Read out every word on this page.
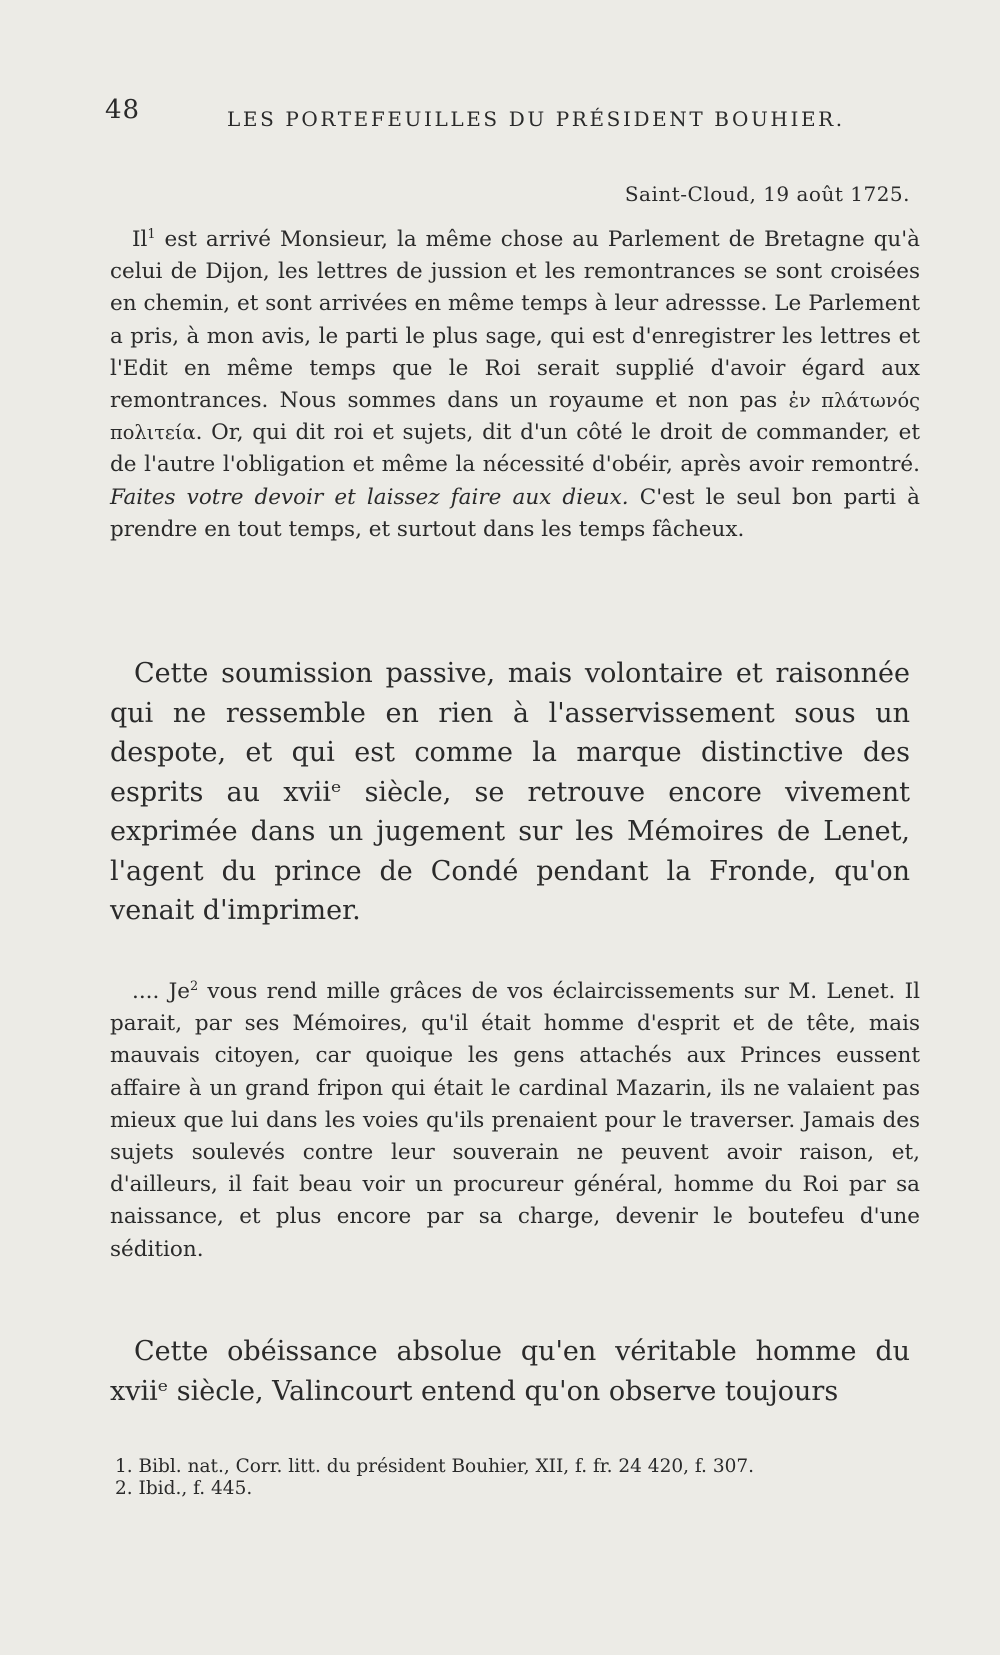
48	LES PORTEFEUILLES DU PRÉSIDENT BOUHIER.
Saint-Cloud, 19 août 1725.
Il$^1$ est arrivé Monsieur, la même chose au Parlement de Bretagne qu'à celui de Dijon, les lettres de jussion et les remontrances se sont croisées en chemin, et sont arrivées en même temps à leur adressse. Le Parlement a pris, à mon avis, le parti le plus sage, qui est d'enregistrer les lettres et l'Edit en même temps que le Roi serait supplié d'avoir égard aux remontrances. Nous sommes dans un royaume et non pas ἐν πλάτωνός πολιτεία. Or, qui dit roi et sujets, dit d'un côté le droit de commander, et de l'autre l'obligation et même la nécessité d'obéir, après avoir remontré. Faites votre devoir et laissez faire aux dieux. C'est le seul bon parti à prendre en tout temps, et surtout dans les temps fâcheux.
Cette soumission passive, mais volontaire et raisonnée qui ne ressemble en rien à l'asservissement sous un despote, et qui est comme la marque distinctive des esprits au xviiᵉ siècle, se retrouve encore vivement exprimée dans un jugement sur les Mémoires de Lenet, l'agent du prince de Condé pendant la Fronde, qu'on venait d'imprimer.
.... Je$^2$ vous rend mille grâces de vos éclaircissements sur M. Lenet. Il parait, par ses Mémoires, qu'il était homme d'esprit et de tête, mais mauvais citoyen, car quoique les gens attachés aux Princes eussent affaire à un grand fripon qui était le cardinal Mazarin, ils ne valaient pas mieux que lui dans les voies qu'ils prenaient pour le traverser. Jamais des sujets soulevés contre leur souverain ne peuvent avoir raison, et, d'ailleurs, il fait beau voir un procureur général, homme du Roi par sa naissance, et plus encore par sa charge, devenir le boutefeu d'une sédition.
Cette obéissance absolue qu'en véritable homme du xviiᵉ siècle, Valincourt entend qu'on observe toujours
1. Bibl. nat., Corr. litt. du président Bouhier, XII, f. fr. 24 420, f. 307.
2. Ibid., f. 445.
